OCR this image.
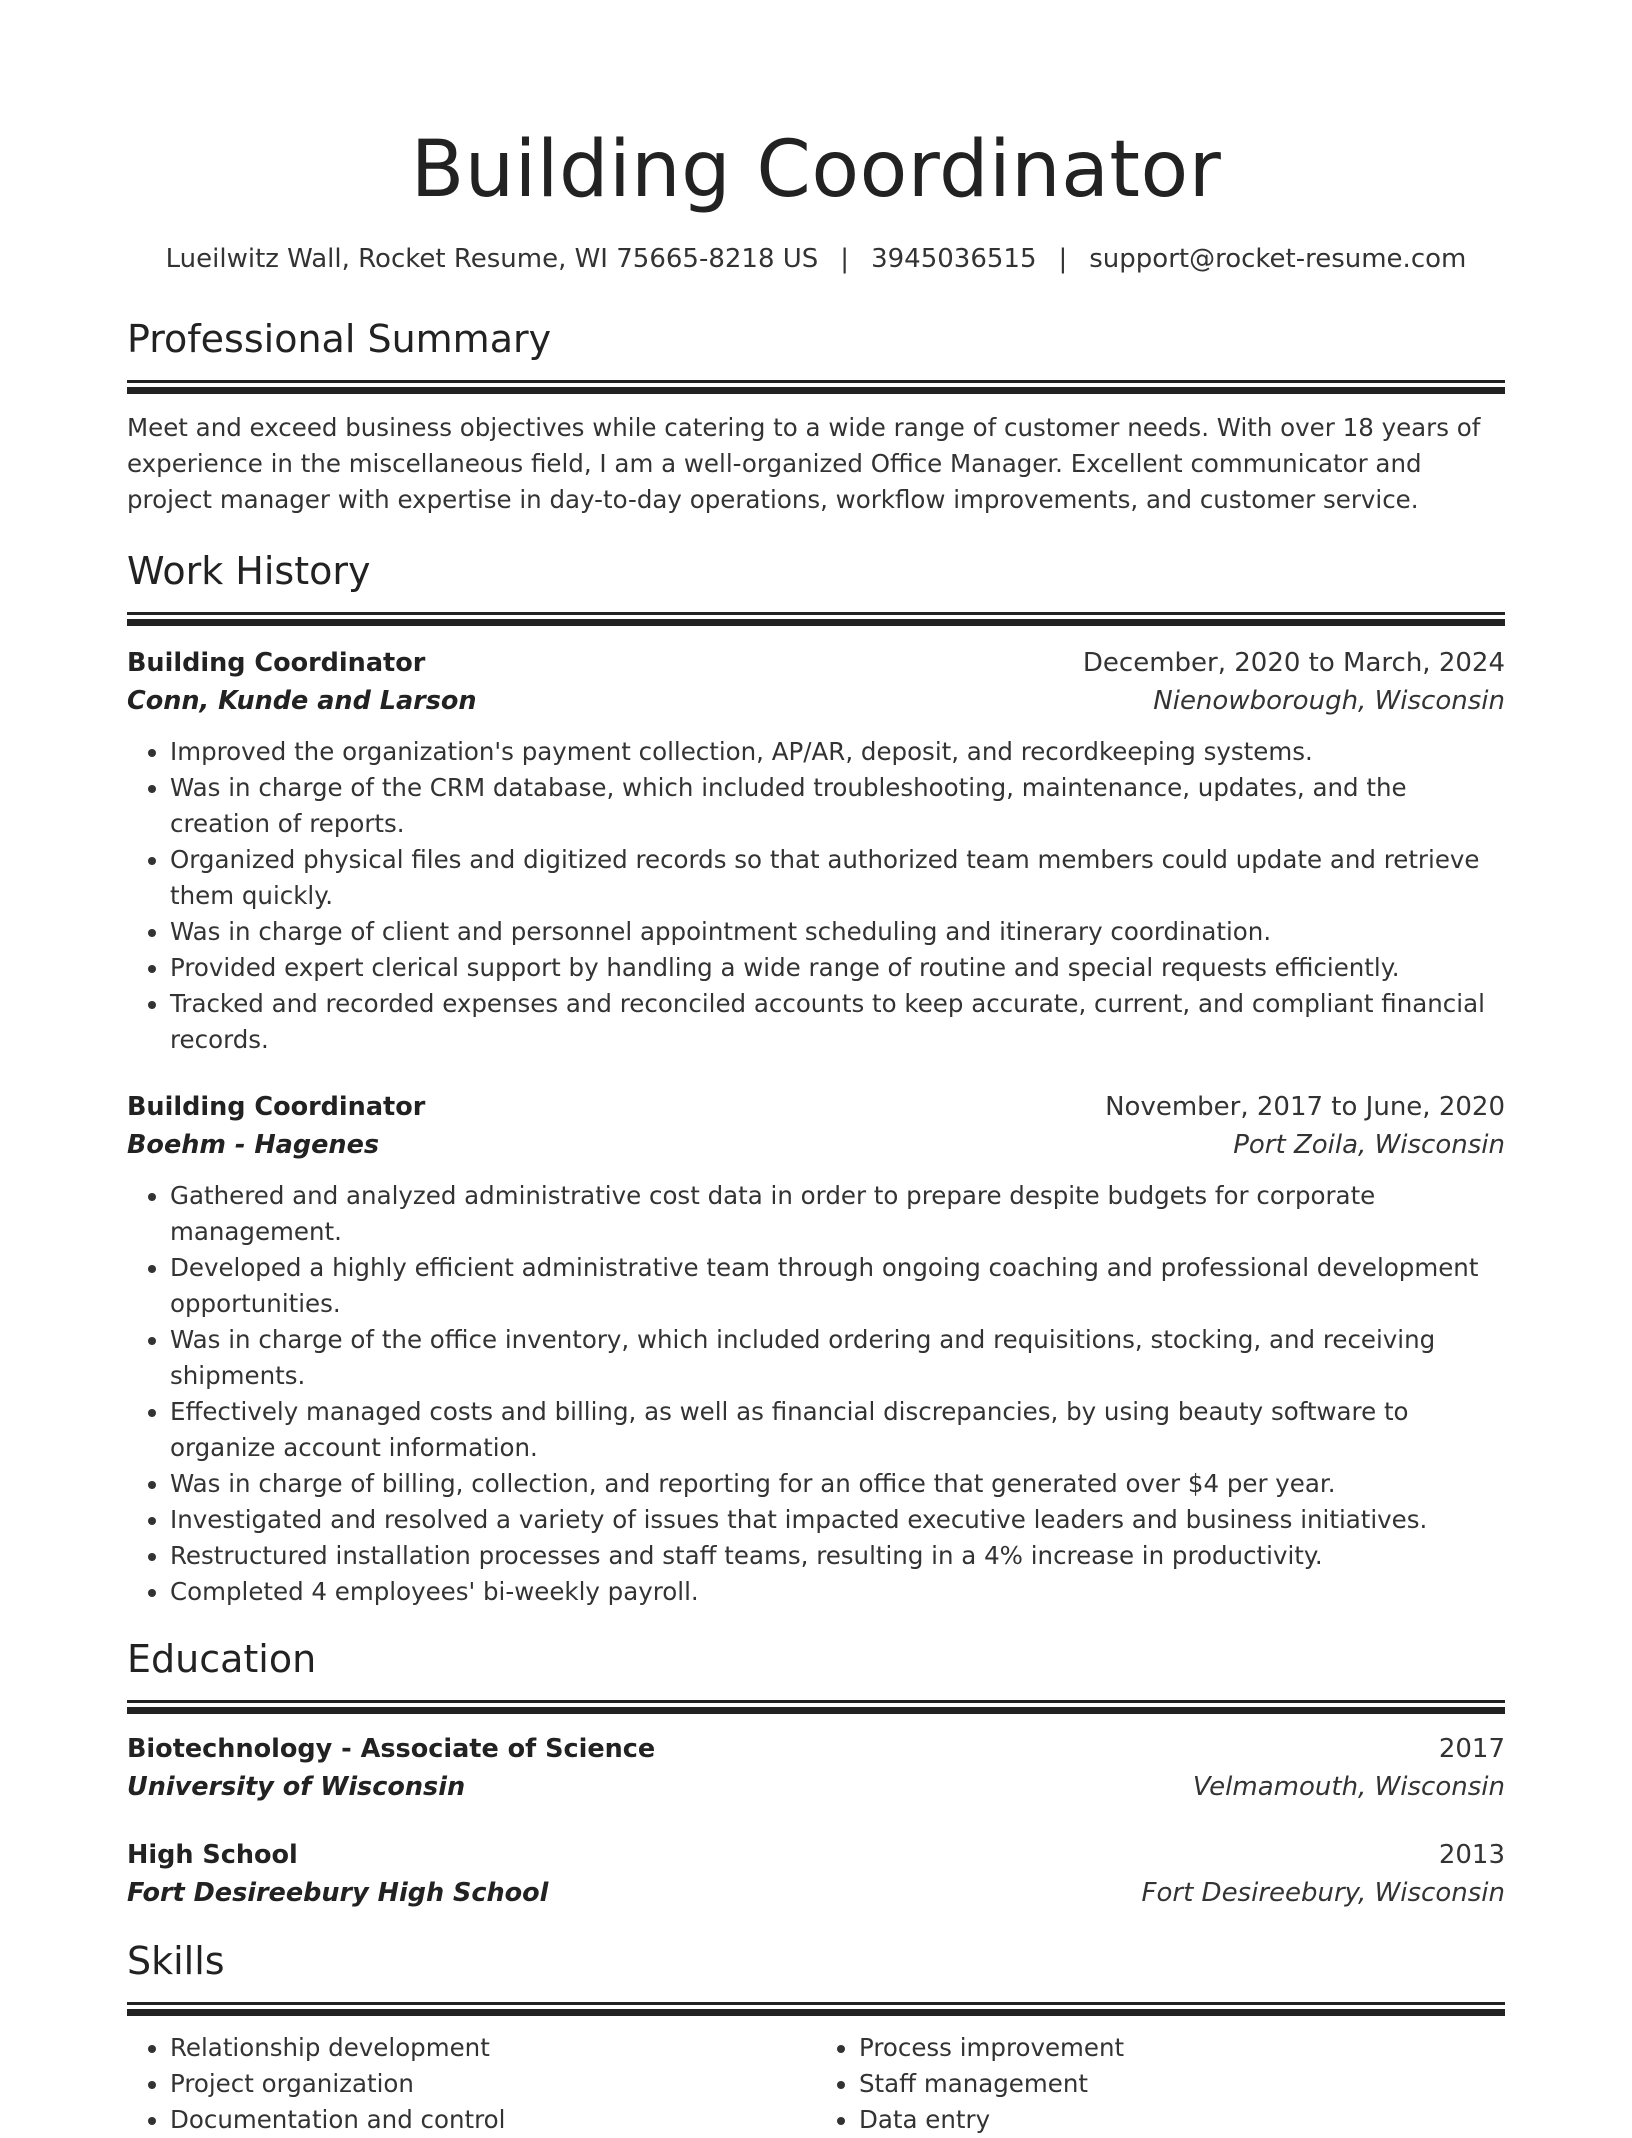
Building Coordinator
Lueilwitz Wall, Rocket Resume, WI 75665-8218 US | 3945036515 | support@rocket-resume.com
Professional Summary
Meet and exceed business objectives while catering to a wide range of customer needs. With over 18 years of experience in the miscellaneous field, I am a well-organized Office Manager. Excellent communicator and project manager with expertise in day-to-day operations, workflow improvements, and customer service.
Work History
Building Coordinator	December, 2020 to March, 2024
Conn, Kunde and Larson	Nienowborough, Wisconsin
• Improved the organization's payment collection, AP/AR, deposit, and recordkeeping systems.
• Was in charge of the CRM database, which included troubleshooting, maintenance, updates, and the creation of reports.
• Organized physical files and digitized records so that authorized team members could update and retrieve them quickly.
• Was in charge of client and personnel appointment scheduling and itinerary coordination.
• Provided expert clerical support by handling a wide range of routine and special requests efficiently.
• Tracked and recorded expenses and reconciled accounts to keep accurate, current, and compliant financial records.
Building Coordinator	November, 2017 to June, 2020
Boehm - Hagenes	Port Zoila, Wisconsin
• Gathered and analyzed administrative cost data in order to prepare despite budgets for corporate management.
• Developed a highly efficient administrative team through ongoing coaching and professional development opportunities.
• Was in charge of the office inventory, which included ordering and requisitions, stocking, and receiving shipments.
• Effectively managed costs and billing, as well as financial discrepancies, by using beauty software to organize account information.
• Was in charge of billing, collection, and reporting for an office that generated over $4 per year.
• Investigated and resolved a variety of issues that impacted executive leaders and business initiatives.
• Restructured installation processes and staff teams, resulting in a 4% increase in productivity.
• Completed 4 employees' bi-weekly payroll.
Education
Biotechnology - Associate of Science	2017
University of Wisconsin	Velmamouth, Wisconsin
High School	2013
Fort Desireebury High School	Fort Desireebury, Wisconsin
Skills
• Relationship development
• Project organization
• Documentation and control
• Process improvement
• Staff management
• Data entry
